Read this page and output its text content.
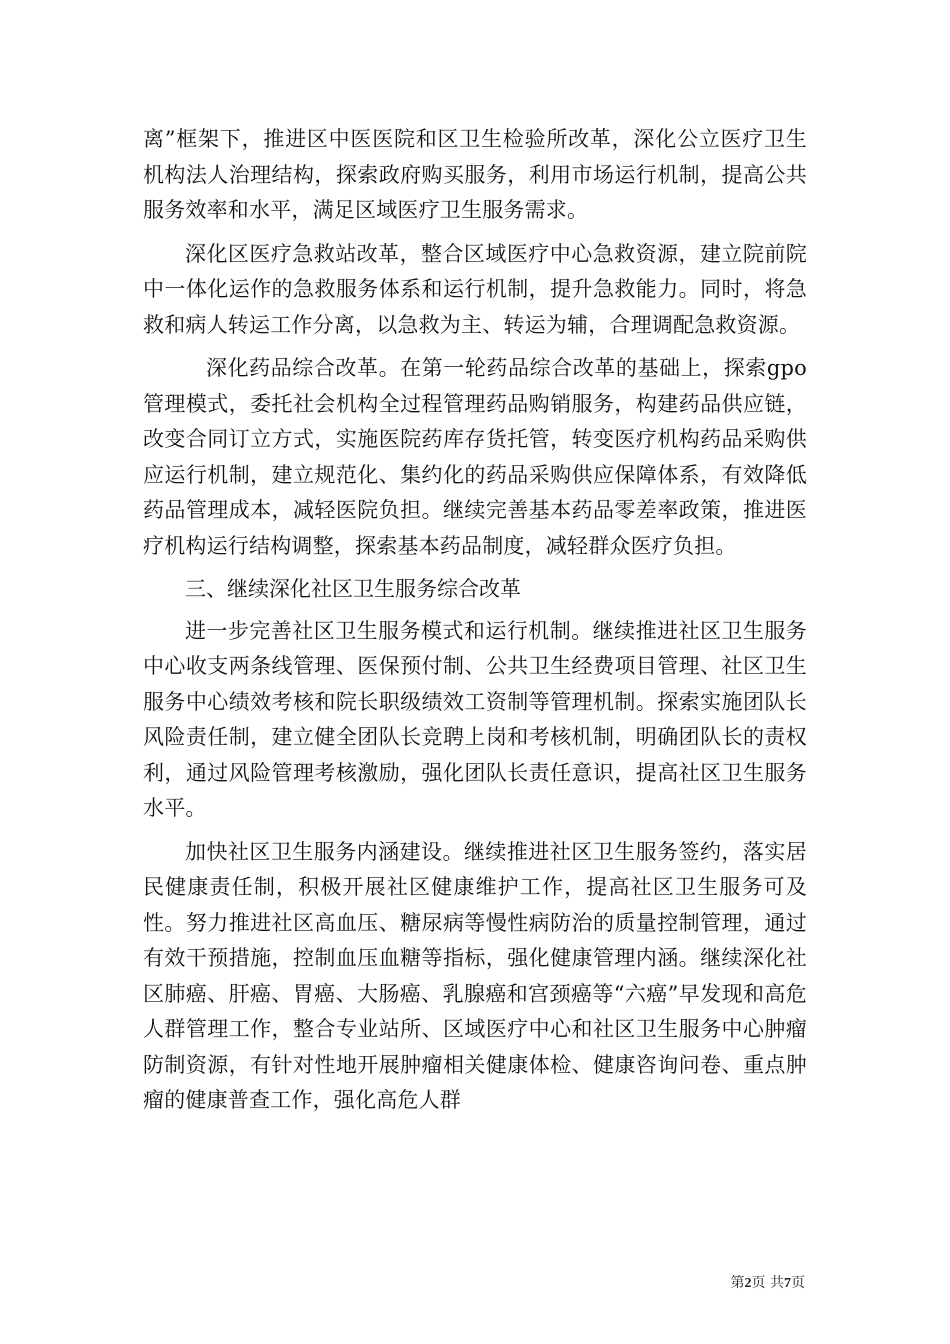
离”框架下，推进区中医医院和区卫生检验所改革，深化公立医疗卫生机构法人治理结构，探索政府购买服务，利用市场运行机制，提高公共服务效率和水平，满足区域医疗卫生服务需求。

深化区医疗急救站改革，整合区域医疗中心急救资源，建立院前院中一体化运作的急救服务体系和运行机制，提升急救能力。同时，将急救和病人转运工作分离，以急救为主、转运为辅，合理调配急救资源。

深化药品综合改革。在第一轮药品综合改革的基础上，探索gpo管理模式，委托社会机构全过程管理药品购销服务，构建药品供应链，改变合同订立方式，实施医院药库存货托管，转变医疗机构药品采购供应运行机制，建立规范化、集约化的药品采购供应保障体系，有效降低药品管理成本，减轻医院负担。继续完善基本药品零差率政策，推进医疗机构运行结构调整，探索基本药品制度，减轻群众医疗负担。

三、继续深化社区卫生服务综合改革

进一步完善社区卫生服务模式和运行机制。继续推进社区卫生服务中心收支两条线管理、医保预付制、公共卫生经费项目管理、社区卫生服务中心绩效考核和院长职级绩效工资制等管理机制。探索实施团队长风险责任制，建立健全团队长竞聘上岗和考核机制，明确团队长的责权利，通过风险管理考核激励，强化团队长责任意识，提高社区卫生服务水平。

加快社区卫生服务内涵建设。继续推进社区卫生服务签约，落实居民健康责任制，积极开展社区健康维护工作，提高社区卫生服务可及性。努力推进社区高血压、糖尿病等慢性病防治的质量控制管理，通过有效干预措施，控制血压血糖等指标，强化健康管理内涵。继续深化社区肺癌、肝癌、胃癌、大肠癌、乳腺癌和宫颈癌等“六癌”早发现和高危人群管理工作，整合专业站所、区域医疗中心和社区卫生服务中心肿瘤防制资源，有针对性地开展肿瘤相关健康体检、健康咨询问卷、重点肿瘤的健康普查工作，强化高危人群

第2页 共7页
